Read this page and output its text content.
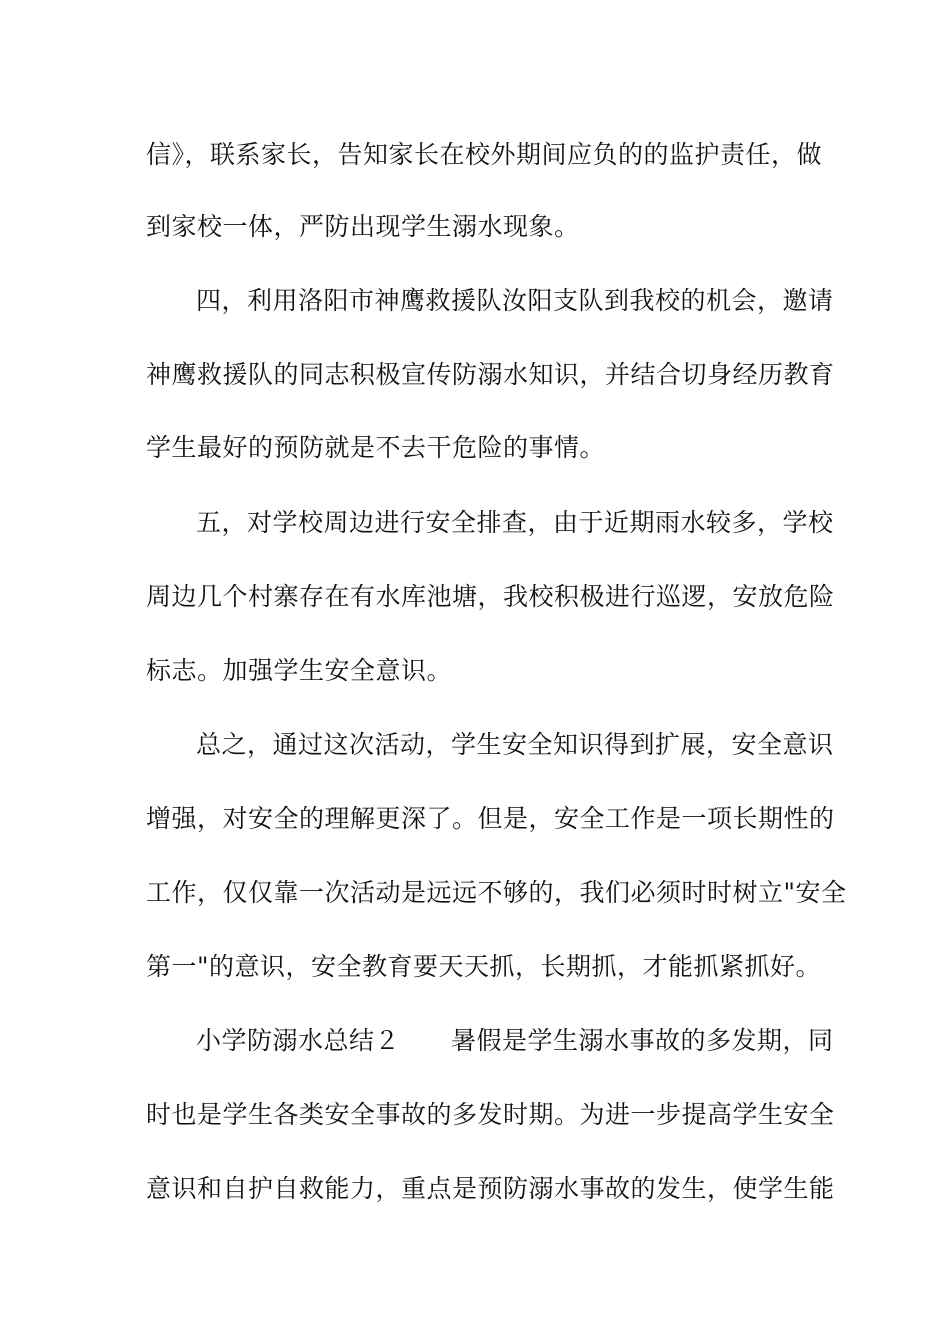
信》，联系家长，告知家长在校外期间应负的的监护责任，做
到家校一体，严防出现学生溺水现象。
四，利用洛阳市神鹰救援队汝阳支队到我校的机会，邀请
神鹰救援队的同志积极宣传防溺水知识，并结合切身经历教育
学生最好的预防就是不去干危险的事情。
五，对学校周边进行安全排查，由于近期雨水较多，学校
周边几个村寨存在有水库池塘，我校积极进行巡逻，安放危险
标志。加强学生安全意识。
总之，通过这次活动，学生安全知识得到扩展，安全意识
增强，对安全的理解更深了。但是，安全工作是一项长期性的
工作，仅仅靠一次活动是远远不够的，我们必须时时树立"安全
第一"的意识，安全教育要天天抓，长期抓，才能抓紧抓好。
小学防溺水总结２　　暑假是学生溺水事故的多发期，同
时也是学生各类安全事故的多发时期。为进一步提高学生安全
意识和自护自救能力，重点是预防溺水事故的发生，使学生能
